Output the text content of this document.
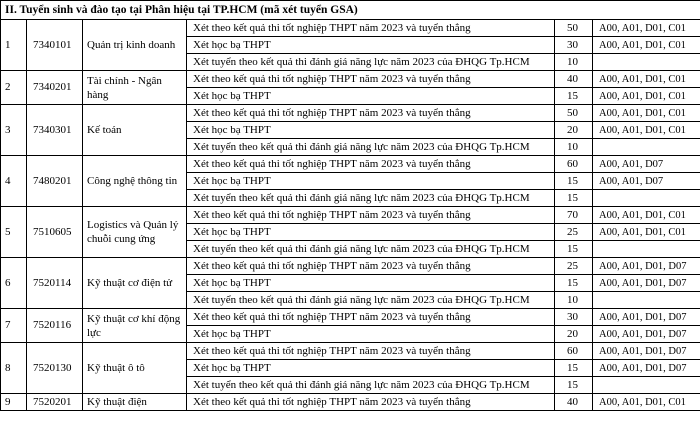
II. Tuyển sinh và đào tạo tại Phân hiệu tại TP.HCM (mã xét tuyển GSA)					
1	7340101	Quản trị kinh doanh	Xét theo kết quả thi tốt nghiệp THPT năm 2023 và tuyển thẳng	50	A00, A01, D01, C01
			Xét học bạ THPT	30	A00, A01, D01, C01
			Xét tuyển theo kết quả thi đánh giá năng lực năm 2023 của ĐHQG Tp.HCM	10	
2	7340201	Tài chính - Ngân hàng	Xét theo kết quả thi tốt nghiệp THPT năm 2023 và tuyển thẳng	40	A00, A01, D01, C01
			Xét học bạ THPT	15	A00, A01, D01, C01
3	7340301	Kế toán	Xét theo kết quả thi tốt nghiệp THPT năm 2023 và tuyển thẳng	50	A00, A01, D01, C01
			Xét học bạ THPT	20	A00, A01, D01, C01
			Xét tuyển theo kết quả thi đánh giá năng lực năm 2023 của ĐHQG Tp.HCM	10	
4	7480201	Công nghệ thông tin	Xét theo kết quả thi tốt nghiệp THPT năm 2023 và tuyển thẳng	60	A00, A01, D07
			Xét học bạ THPT	15	A00, A01, D07
			Xét tuyển theo kết quả thi đánh giá năng lực năm 2023 của ĐHQG Tp.HCM	15	
5	7510605	Logistics và Quản lý chuỗi cung ứng	Xét theo kết quả thi tốt nghiệp THPT năm 2023 và tuyển thẳng	70	A00, A01, D01, C01
			Xét học bạ THPT	25	A00, A01, D01, C01
			Xét tuyển theo kết quả thi đánh giá năng lực năm 2023 của ĐHQG Tp.HCM	15	
6	7520114	Kỹ thuật cơ điện tử	Xét theo kết quả thi tốt nghiệp THPT năm 2023 và tuyển thẳng	25	A00, A01, D01, D07
			Xét học bạ THPT	15	A00, A01, D01, D07
			Xét tuyển theo kết quả thi đánh giá năng lực năm 2023 của ĐHQG Tp.HCM	10	
7	7520116	Kỹ thuật cơ khí động lực	Xét theo kết quả thi tốt nghiệp THPT năm 2023 và tuyển thẳng	30	A00, A01, D01, D07
			Xét học bạ THPT	20	A00, A01, D01, D07
8	7520130	Kỹ thuật ô tô	Xét theo kết quả thi tốt nghiệp THPT năm 2023 và tuyển thẳng	60	A00, A01, D01, D07
			Xét học bạ THPT	15	A00, A01, D01, D07
			Xét tuyển theo kết quả thi đánh giá năng lực năm 2023 của ĐHQG Tp.HCM	15	
9	7520201	Kỹ thuật điện	Xét theo kết quả thi tốt nghiệp THPT năm 2023 và tuyển thẳng	40	A00, A01, D01, C01
